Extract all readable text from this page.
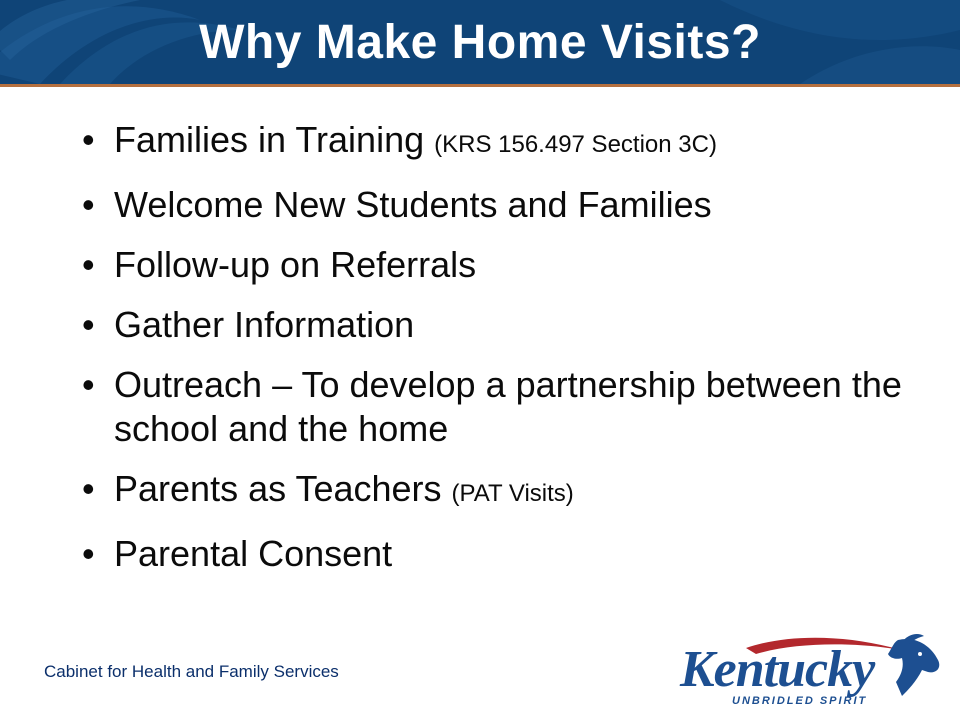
Why Make Home Visits?
• Families in Training (KRS 156.497 Section 3C)
• Welcome New Students and Families
• Follow-up on Referrals
• Gather Information
• Outreach – To develop a partnership between the school and the home
• Parents as Teachers (PAT Visits)
• Parental Consent
Cabinet for Health and Family Services	Kentucky
UNBRIDLED SPIRIT
